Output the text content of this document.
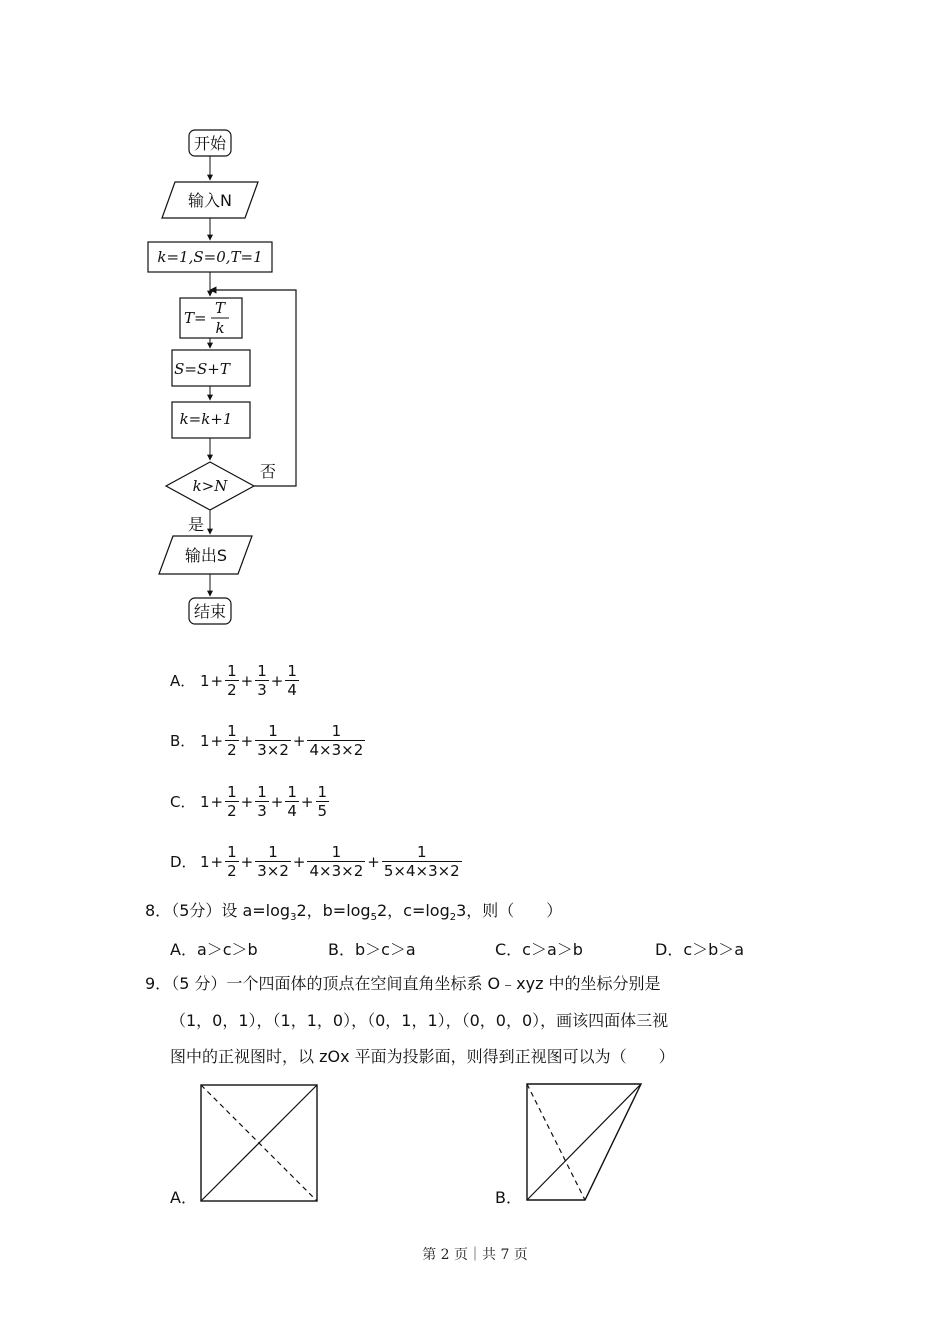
开始
输入N
k=1,S=0,T=1
T=
T
k
S=S+T
k=k+1
k>N
否
是
输出S
结束
A． $1 + \frac{1}{2} + \frac{1}{3} + \frac{1}{4}$
B． $1 + \frac{1}{2} + \frac{1}{3\times 2} + \frac{1}{4\times 3\times 2}$
C． $1 + \frac{1}{2} + \frac{1}{3} + \frac{1}{4} + \frac{1}{5}$
D． $1 + \frac{1}{2} + \frac{1}{3\times 2} + \frac{1}{4\times 3\times 2} + \frac{1}{5\times 4\times 3\times 2}$
8．（5分）设 $a=\log_32$，$b=\log_52$，$c=\log_23$，则（　　）
A．a＞c＞b	B．b＞c＞a	C．c＞a＞b	D．c＞b＞a
9．（5 分）一个四面体的顶点在空间直角坐标系 O﹣xyz 中的坐标分别是
（1，0，1），（1，1，0），（0，1，1），（0，0，0），画该四面体三视
图中的正视图时，以 zOx 平面为投影面，则得到正视图可以为（　　）
A．	B．
第 2 页｜共 7 页
